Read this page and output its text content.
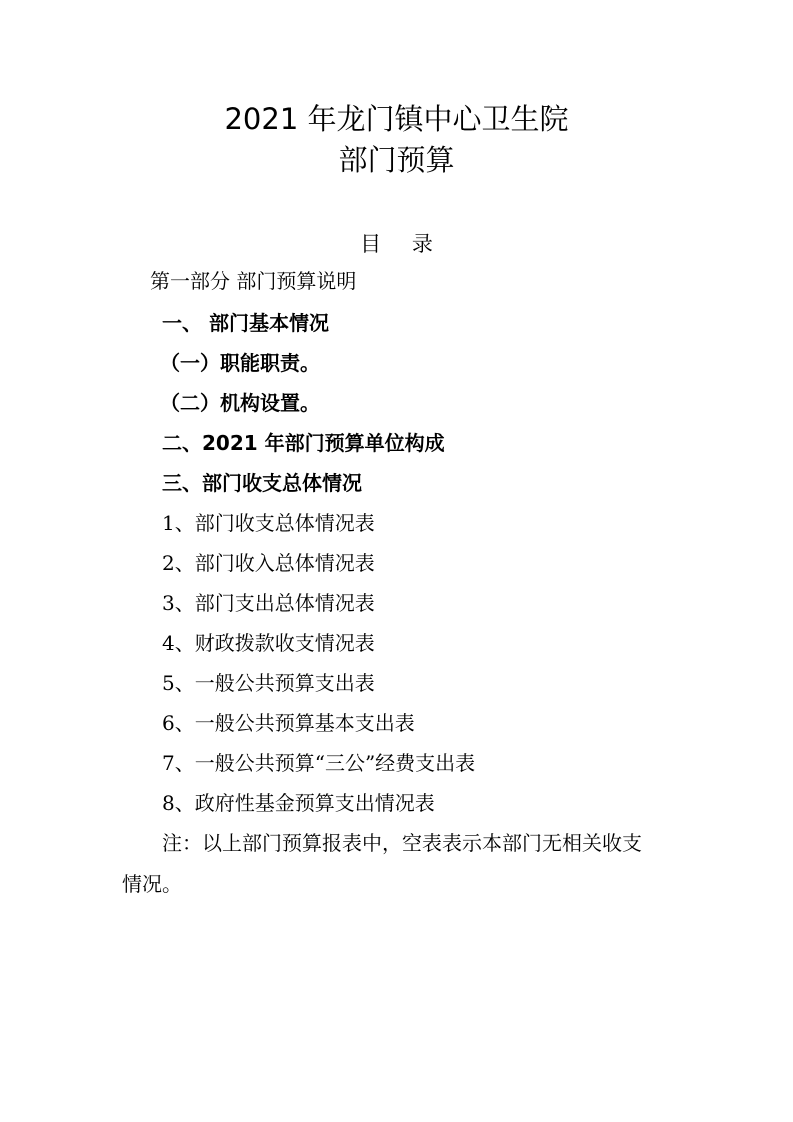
2021 年龙门镇中心卫生院
部门预算
目 录
第一部分 部门预算说明
一、 部门基本情况
（一）职能职责。
（二）机构设置。
二、2021 年部门预算单位构成
三、部门收支总体情况
1、部门收支总体情况表
2、部门收入总体情况表
3、部门支出总体情况表
4、财政拨款收支情况表
5、一般公共预算支出表
6、一般公共预算基本支出表
7、一般公共预算“三公”经费支出表
8、政府性基金预算支出情况表
注：以上部门预算报表中，空表表示本部门无相关收支
情况。
